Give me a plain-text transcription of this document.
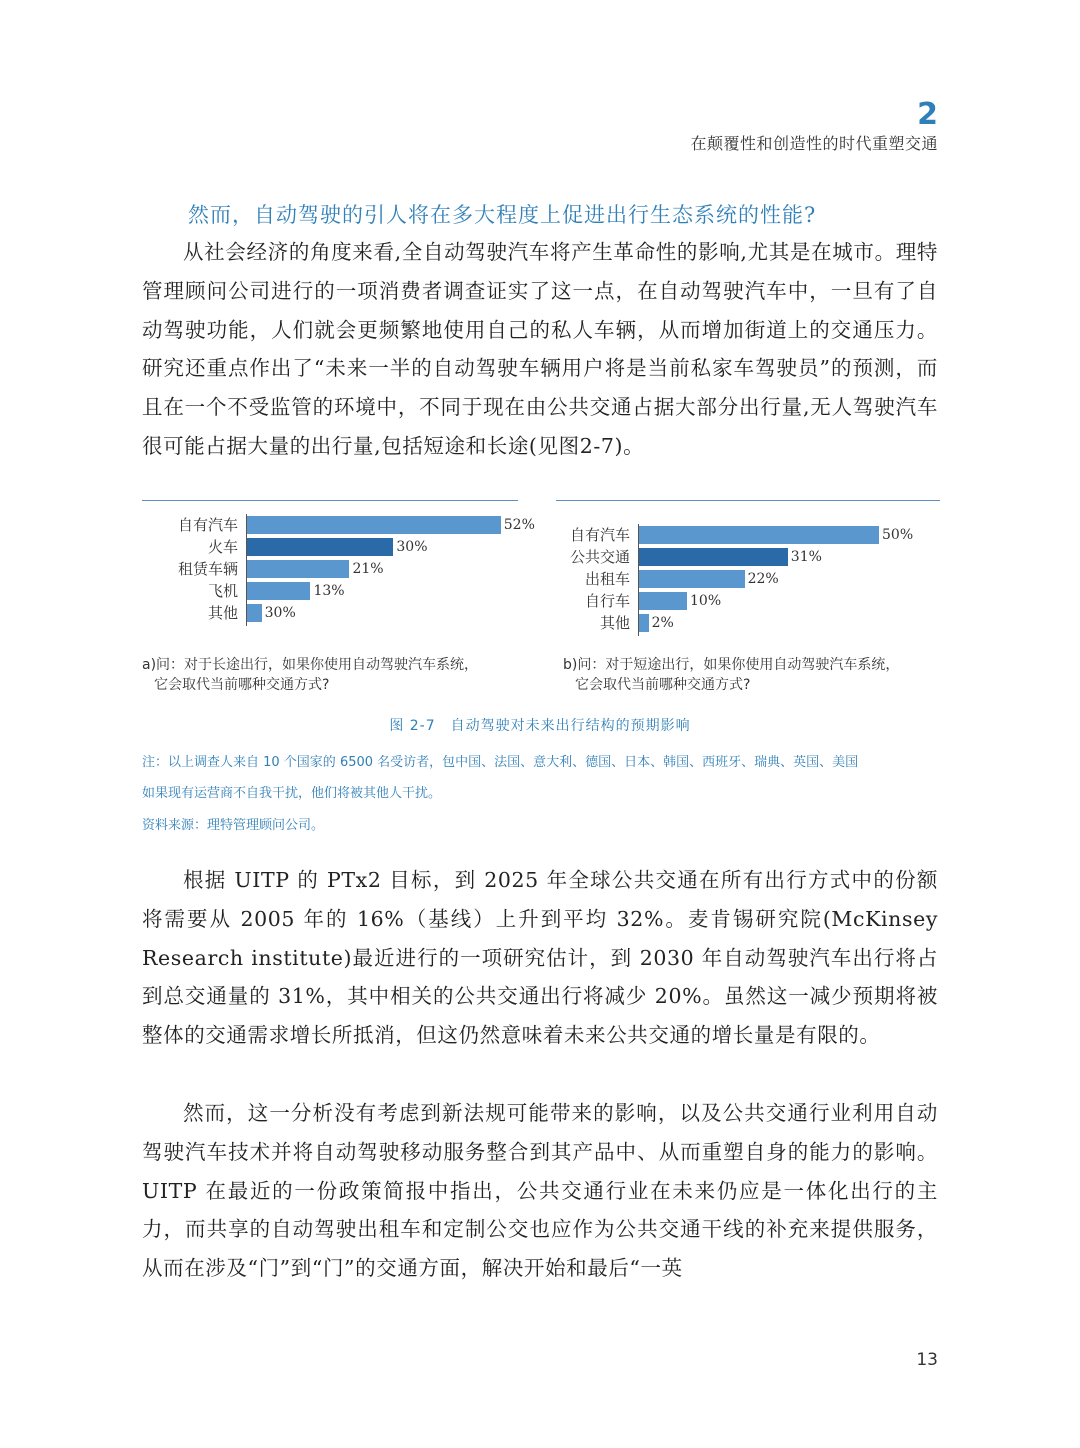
2
在颠覆性和创造性的时代重塑交通
然而，自动驾驶的引人将在多大程度上促进出行生态系统的性能?

从社会经济的角度来看,全自动驾驶汽车将产生革命性的影响,尤其是在城市。理特管理顾问公司进行的一项消费者调查证实了这一点，在自动驾驶汽车中，一旦有了自动驾驶功能，人们就会更频繁地使用自己的私人车辆，从而增加街道上的交通压力。研究还重点作出了“未来一半的自动驾驶车辆用户将是当前私家车驾驶员”的预测，而且在一个不受监管的环境中，不同于现在由公共交通占据大部分出行量,无人驾驶汽车很可能占据大量的出行量,包括短途和长途(见图2-7)。

自有汽车	52%
火车	30%
租赁车辆	21%
飞机	13%
其他 30%
自有汽车	50%
公共交通	31%
出租车	22%
自行车	10%
其他 2%
a)问：对于长途出行，如果你使用自动驾驶汽车系统，
它会取代当前哪种交通方式?
b)问：对于短途出行，如果你使用自动驾驶汽车系统，
它会取代当前哪种交通方式?
图 2-7　自动驾驶对未来出行结构的预期影响
注：以上调查人来自 10 个国家的 6500 名受访者，包中国、法国、意大利、德国、日本、韩国、西班牙、瑞典、英国、美国
如果现有运营商不自我干扰，他们将被其他人干扰。
资料来源：理特管理顾问公司。

根据 UITP 的 PTx2 目标，到 2025 年全球公共交通在所有出行方式中的份额将需要从 2005 年的 16%（基线）上升到平均 32%。麦肯锡研究院(McKinsey Research institute)最近进行的一项研究估计，到 2030 年自动驾驶汽车出行将占到总交通量的 31%，其中相关的公共交通出行将减少 20%。虽然这一减少预期将被整体的交通需求增长所抵消，但这仍然意味着未来公共交通的增长量是有限的。

然而，这一分析没有考虑到新法规可能带来的影响，以及公共交通行业利用自动驾驶汽车技术并将自动驾驶移动服务整合到其产品中、从而重塑自身的能力的影响。UITP 在最近的一份政策简报中指出，公共交通行业在未来仍应是一体化出行的主力，而共享的自动驾驶出租车和定制公交也应作为公共交通干线的补充来提供服务，从而在涉及“门”到“门”的交通方面，解决开始和最后“一英

13
